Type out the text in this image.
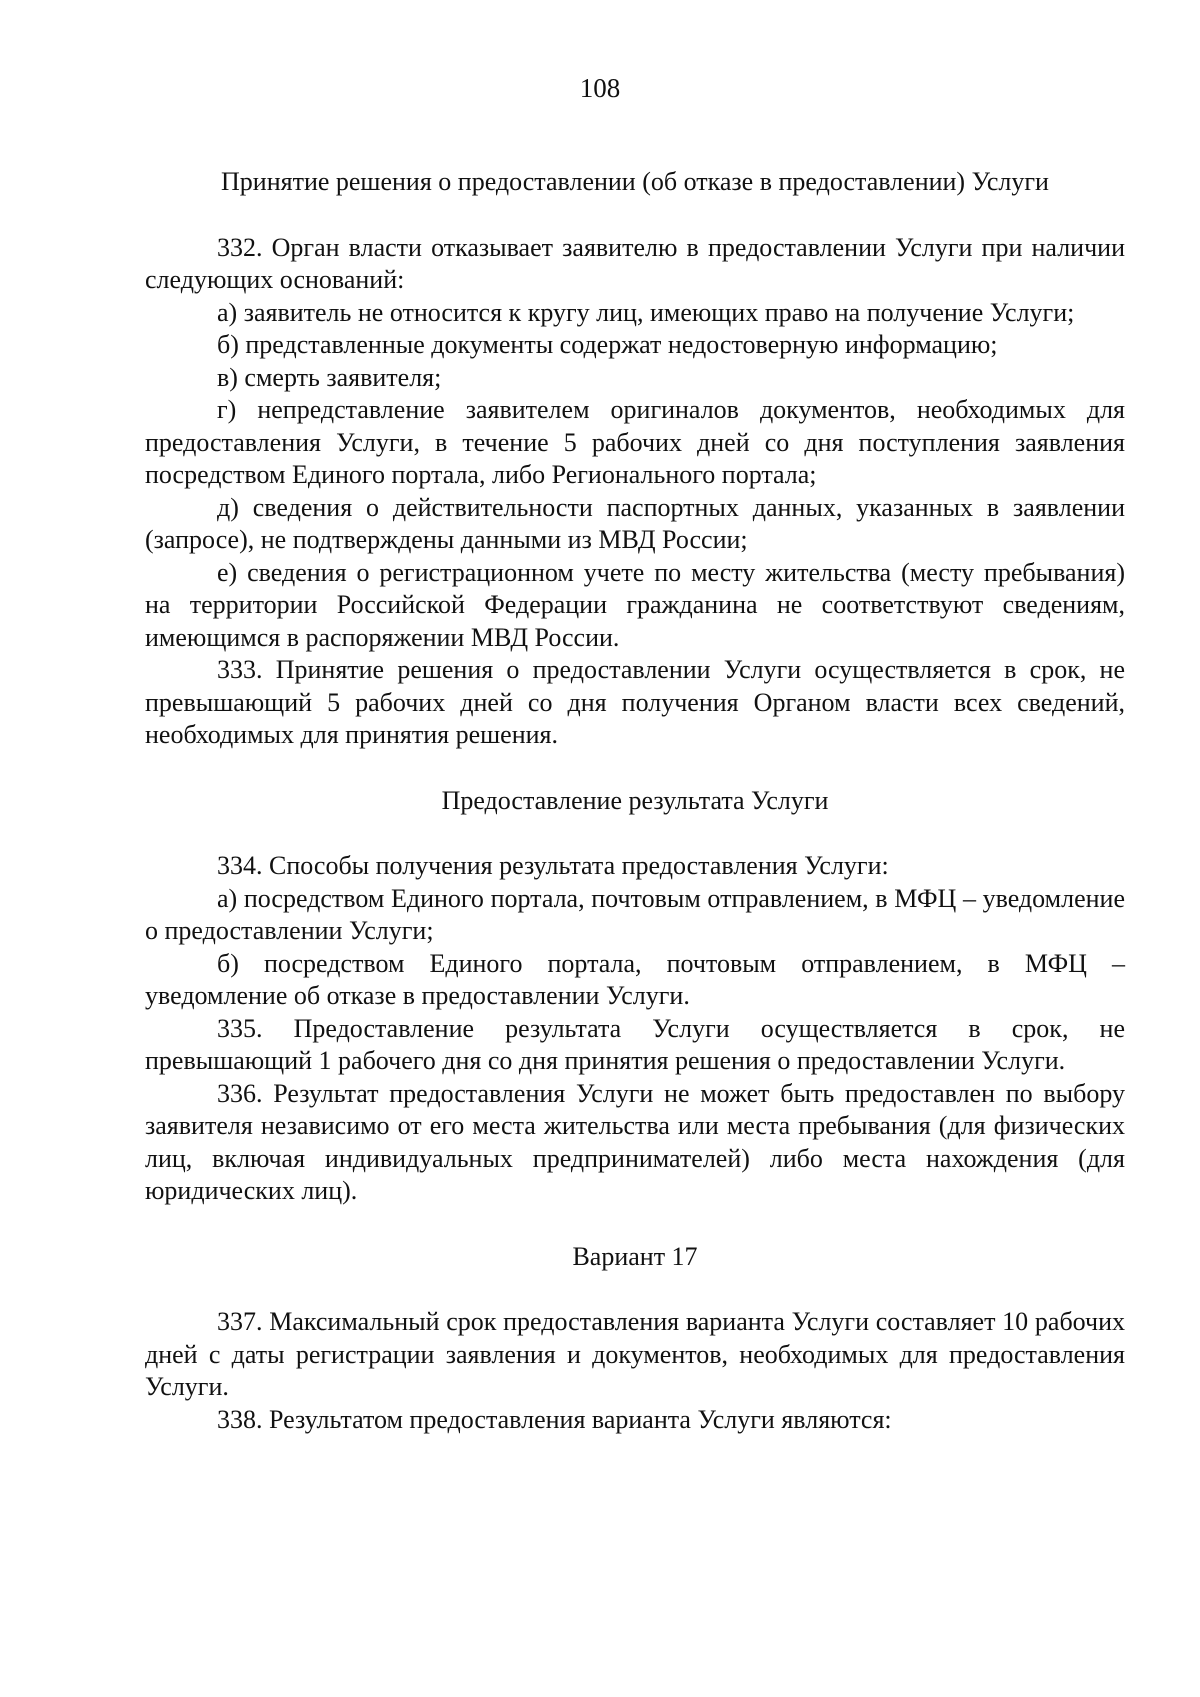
108

Принятие решения о предоставлении (об отказе в предоставлении) Услуги

332. Орган власти отказывает заявителю в предоставлении Услуги при наличии следующих оснований:

а) заявитель не относится к кругу лиц, имеющих право на получение Услуги;

б) представленные документы содержат недостоверную информацию;

в) смерть заявителя;

г) непредставление заявителем оригиналов документов, необходимых для предоставления Услуги, в течение 5 рабочих дней со дня поступления заявления посредством Единого портала, либо Регионального портала;

д) сведения о действительности паспортных данных, указанных в заявлении (запросе), не подтверждены данными из МВД России;

е) сведения о регистрационном учете по месту жительства (месту пребывания) на территории Российской Федерации гражданина не соответствуют сведениям, имеющимся в распоряжении МВД России.

333. Принятие решения о предоставлении Услуги осуществляется в срок, не превышающий 5 рабочих дней со дня получения Органом власти всех сведений, необходимых для принятия решения.

Предоставление результата Услуги

334. Способы получения результата предоставления Услуги:

а) посредством Единого портала, почтовым отправлением, в МФЦ – уведомление о предоставлении Услуги;

б) посредством Единого портала, почтовым отправлением, в МФЦ – уведомление об отказе в предоставлении Услуги.

335. Предоставление результата Услуги осуществляется в срок, не превышающий 1 рабочего дня со дня принятия решения о предоставлении Услуги.

336. Результат предоставления Услуги не может быть предоставлен по выбору заявителя независимо от его места жительства или места пребывания (для физических лиц, включая индивидуальных предпринимателей) либо места нахождения (для юридических лиц).

Вариант 17

337. Максимальный срок предоставления варианта Услуги составляет 10 рабочих дней с даты регистрации заявления и документов, необходимых для предоставления Услуги.

338. Результатом предоставления варианта Услуги являются:
